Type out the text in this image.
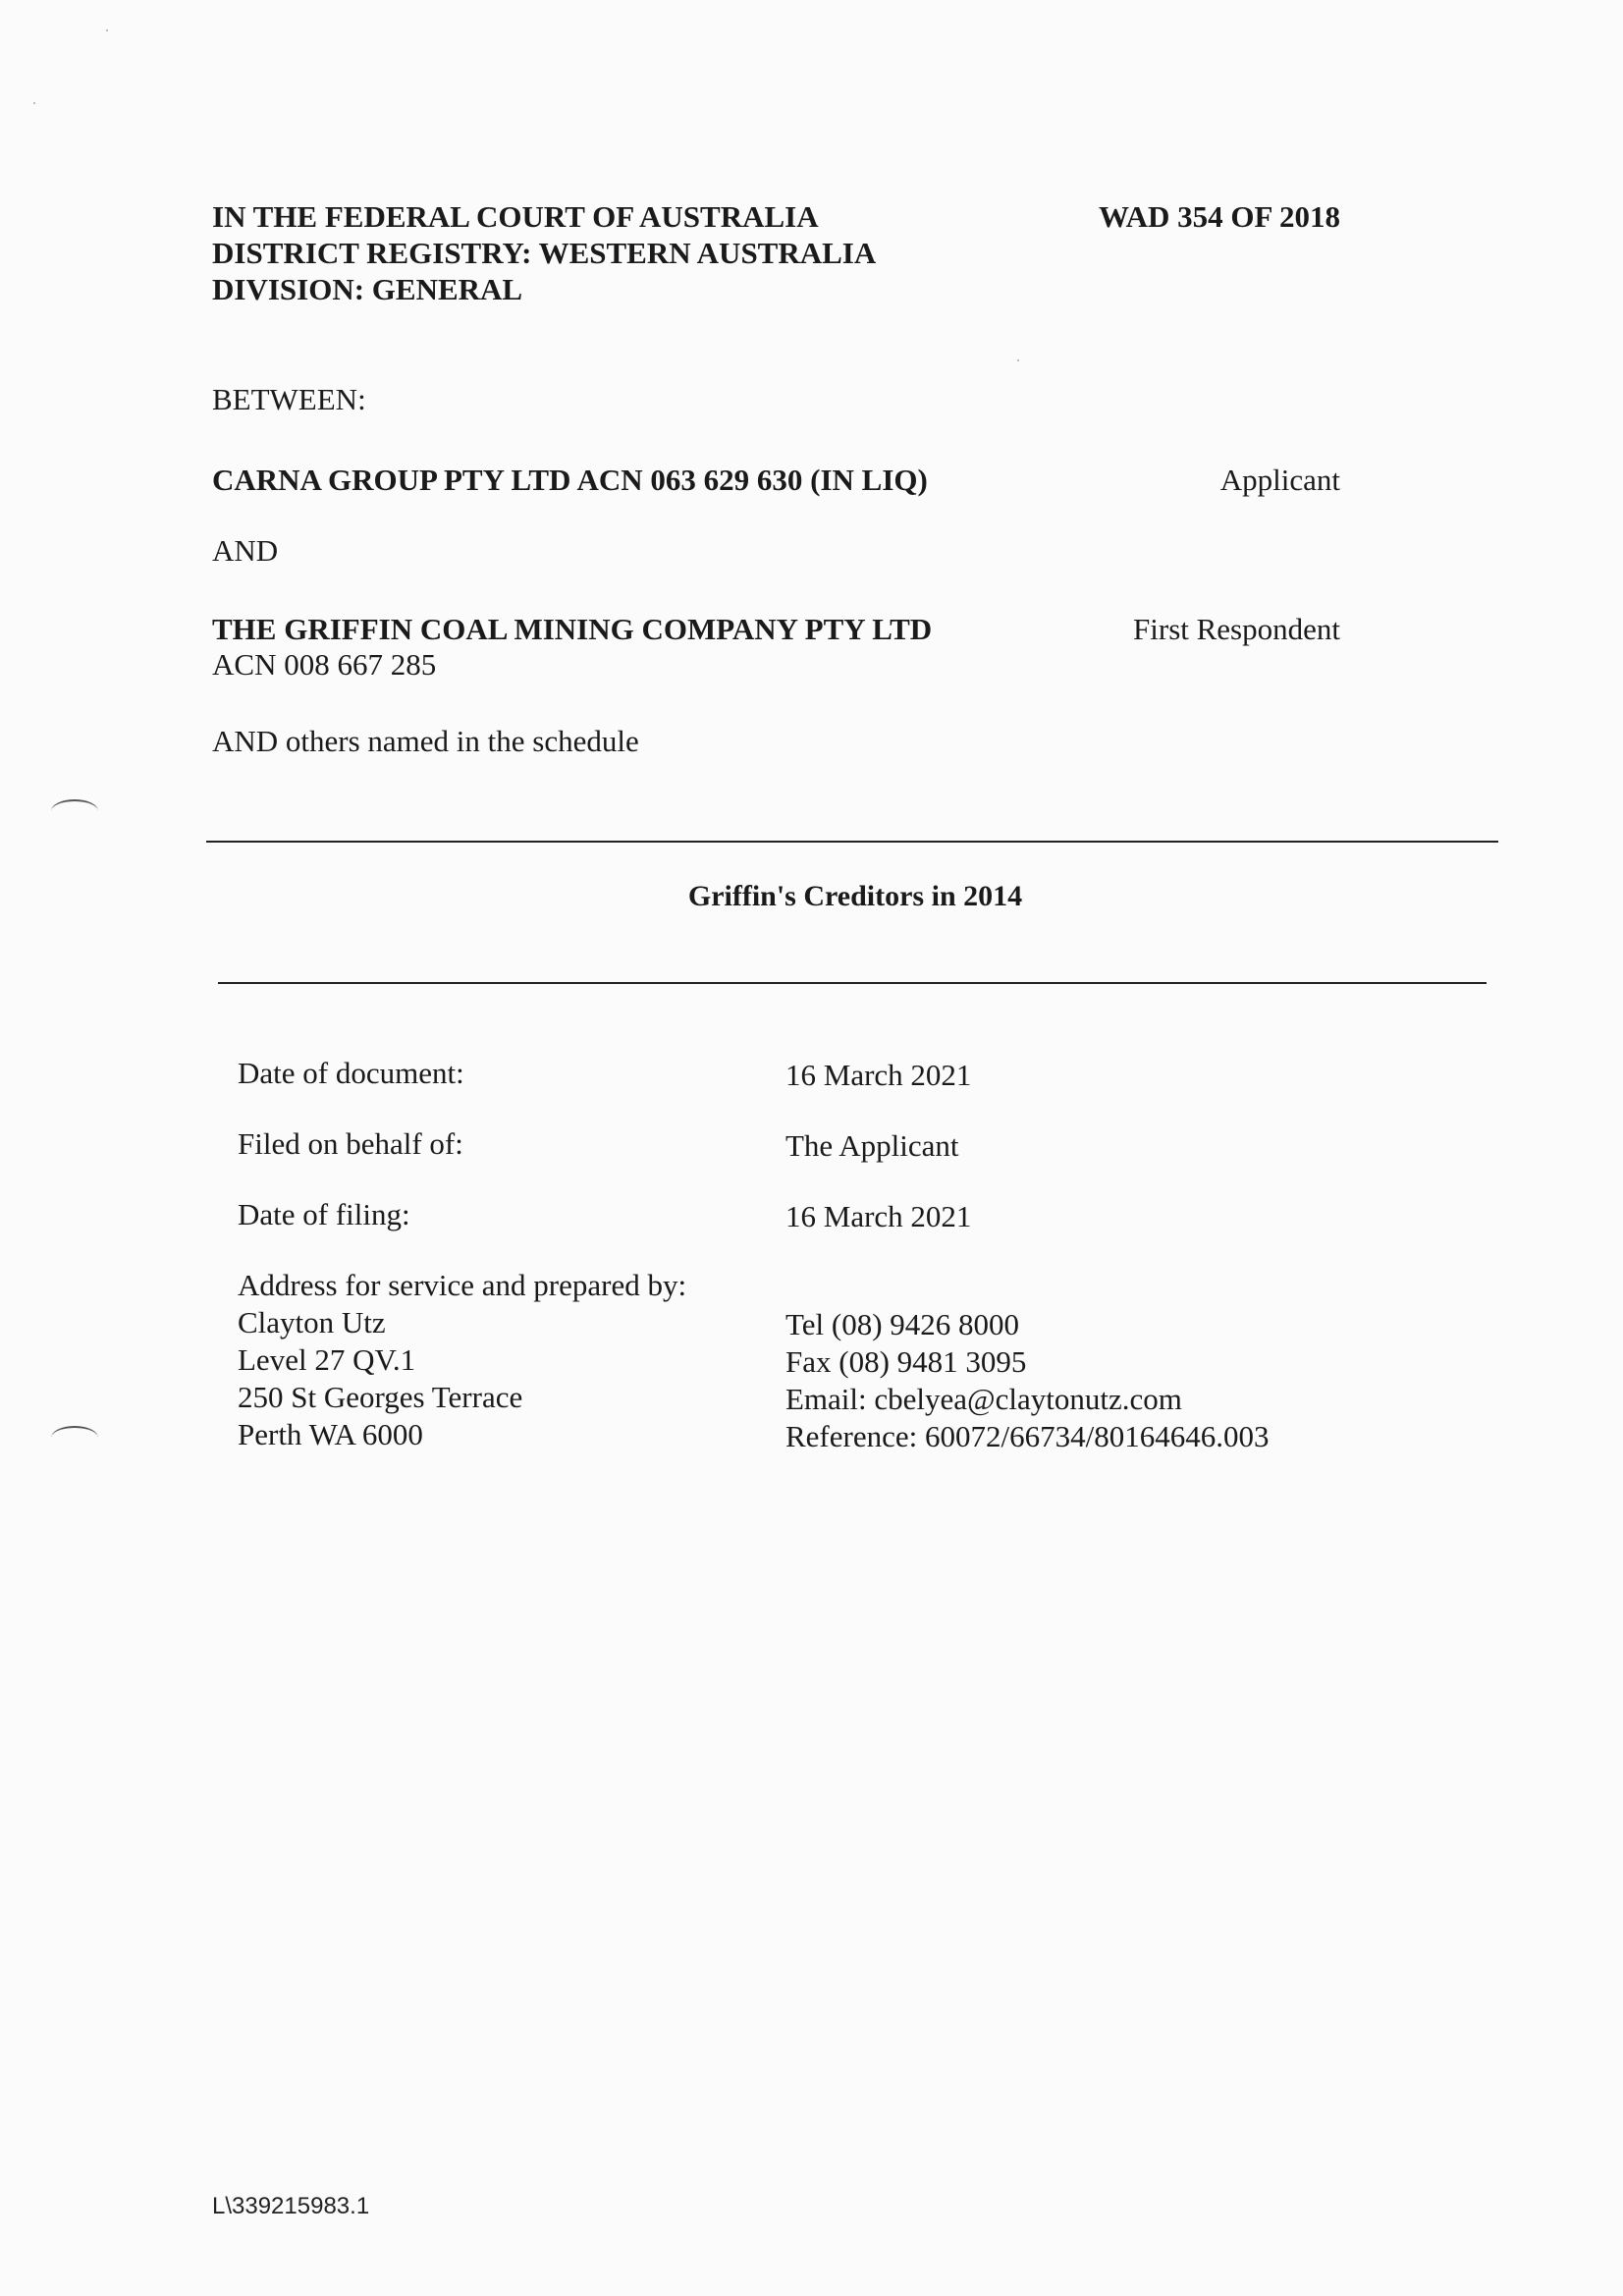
IN THE FEDERAL COURT OF AUSTRALIA
DISTRICT REGISTRY: WESTERN AUSTRALIA
DIVISION: GENERAL
WAD 354 OF 2018
BETWEEN:
CARNA GROUP PTY LTD ACN 063 629 630 (IN LIQ)	Applicant
AND
THE GRIFFIN COAL MINING COMPANY PTY LTD
ACN 008 667 285
First Respondent
AND others named in the schedule
Griffin's Creditors in 2014
Date of document:	16 March 2021
Filed on behalf of:	The Applicant
Date of filing:	16 March 2021
Address for service and prepared by:
Clayton Utz
Level 27 QV.1
250 St Georges Terrace
Perth WA 6000
Tel (08) 9426 8000
Fax (08) 9481 3095
Email: cbelyea@claytonutz.com
Reference: 60072/66734/80164646.003
L\339215983.1
